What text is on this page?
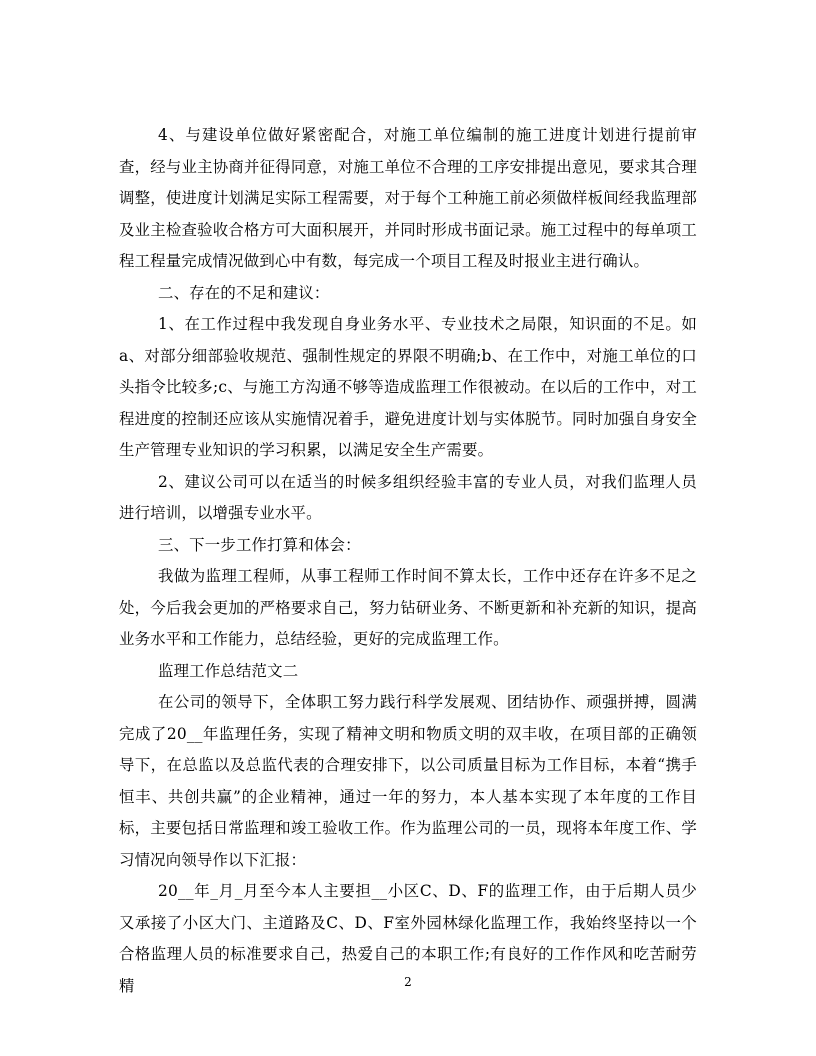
4、与建设单位做好紧密配合，对施工单位编制的施工进度计划进行提前审查，经与业主协商并征得同意，对施工单位不合理的工序安排提出意见，要求其合理调整，使进度计划满足实际工程需要，对于每个工种施工前必须做样板间经我监理部及业主检查验收合格方可大面积展开，并同时形成书面记录。施工过程中的每单项工程工程量完成情况做到心中有数，每完成一个项目工程及时报业主进行确认。

二、存在的不足和建议：

1、在工作过程中我发现自身业务水平、专业技术之局限，知识面的不足。如a、对部分细部验收规范、强制性规定的界限不明确;b、在工作中，对施工单位的口头指令比较多;c、与施工方沟通不够等造成监理工作很被动。在以后的工作中，对工程进度的控制还应该从实施情况着手，避免进度计划与实体脱节。同时加强自身安全生产管理专业知识的学习积累，以满足安全生产需要。

2、建议公司可以在适当的时候多组织经验丰富的专业人员，对我们监理人员进行培训，以增强专业水平。

三、下一步工作打算和体会：

我做为监理工程师，从事工程师工作时间不算太长，工作中还存在许多不足之处，今后我会更加的严格要求自己，努力钻研业务、不断更新和补充新的知识，提高业务水平和工作能力，总结经验，更好的完成监理工作。

监理工作总结范文二

在公司的领导下，全体职工努力践行科学发展观、团结协作、顽强拼搏，圆满完成了20__年监理任务，实现了精神文明和物质文明的双丰收，在项目部的正确领导下，在总监以及总监代表的合理安排下，以公司质量目标为工作目标，本着“携手恒丰、共创共赢”的企业精神，通过一年的努力，本人基本实现了本年度的工作目标，主要包括日常监理和竣工验收工作。作为监理公司的一员，现将本年度工作、学习情况向领导作以下汇报：

20__年_月_月至今本人主要担__小区C、D、F的监理工作，由于后期人员少又承接了小区大门、主道路及C、D、F室外园林绿化监理工作，我始终坚持以一个合格监理人员的标准要求自己，热爱自己的本职工作;有良好的工作作风和吃苦耐劳精	2
